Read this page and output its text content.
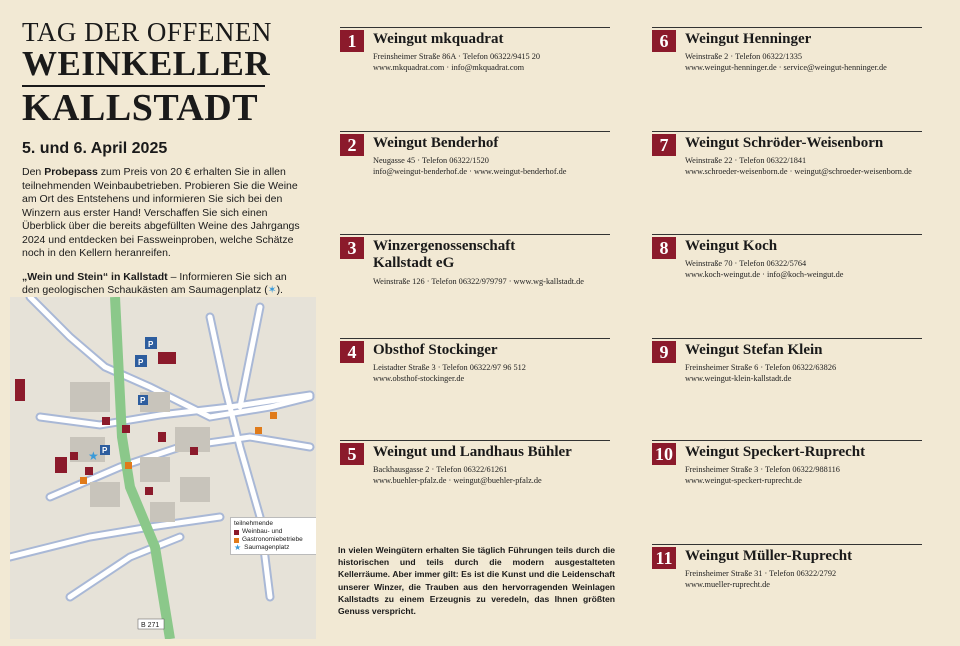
TAG DER OFFENEN
WEINKELLER
KALLSTADT
5. und 6. April 2025
Den Probepass zum Preis von 20 € erhalten Sie in allen teilnehmenden Weinbaubetrieben. Probieren Sie die Weine am Ort des Entstehens und informieren Sie sich bei den Winzern aus erster Hand! Verschaffen Sie sich einen Überblick über die bereits abgefüllten Weine des Jahrgangs 2024 und entdecken bei Fassweinproben, welche Schätze noch in den Kellern heranreifen.
„Wein und Stein“ in Kallstadt – Informieren Sie sich an den geologischen Schaukästen am Saumagenplatz (✶).

P
P
P
P
★
B 271
teilnehmende
Weinbau- und
Gastronomiebetriebe
★ Saumagenplatz
1	Weingut mkquadrat
Freinsheimer Straße 86A · Telefon 06322/9415 20
www.mkquadrat.com · info@mkquadrat.com
2	Weingut Benderhof
Neugasse 45 · Telefon 06322/1520
info@weingut-benderhof.de · www.weingut-benderhof.de
3	Winzergenossenschaft
Kallstadt eG
Weinstraße 126 · Telefon 06322/979797 · www.wg-kallstadt.de
4	Obsthof Stockinger
Leistadter Straße 3 · Telefon 06322/97 96 512
www.obsthof-stockinger.de
5	Weingut und Landhaus Bühler
Backhausgasse 2 · Telefon 06322/61261
www.buehler-pfalz.de · weingut@buehler-pfalz.de
6	Weingut Henninger
Weinstraße 2 · Telefon 06322/1335
www.weingut-henninger.de · service@weingut-henninger.de
7	Weingut Schröder-Weisenborn
Weinstraße 22 · Telefon 06322/1841
www.schroeder-weisenborn.de · weingut@schroeder-weisenborn.de
8	Weingut Koch
Weinstraße 70 · Telefon 06322/5764
www.koch-weingut.de · info@koch-weingut.de
9	Weingut Stefan Klein
Freinsheimer Straße 6 · Telefon 06322/63826
www.weingut-klein-kallstadt.de
10 Weingut Speckert-Ruprecht
Freinsheimer Straße 3 · Telefon 06322/988116
www.weingut-speckert-ruprecht.de
11 Weingut Müller-Ruprecht
Freinsheimer Straße 31 · Telefon 06322/2792
www.mueller-ruprecht.de
In vielen Weingütern erhalten Sie täglich Führungen teils durch die historischen und teils durch die modern ausgestalteten Kellerräume. Aber immer gilt: Es ist die Kunst und die Leidenschaft unserer Winzer, die Trauben aus den hervorragenden Weinlagen Kallstadts zu einem Erzeugnis zu veredeln, das Ihnen größten Genuss verspricht.
